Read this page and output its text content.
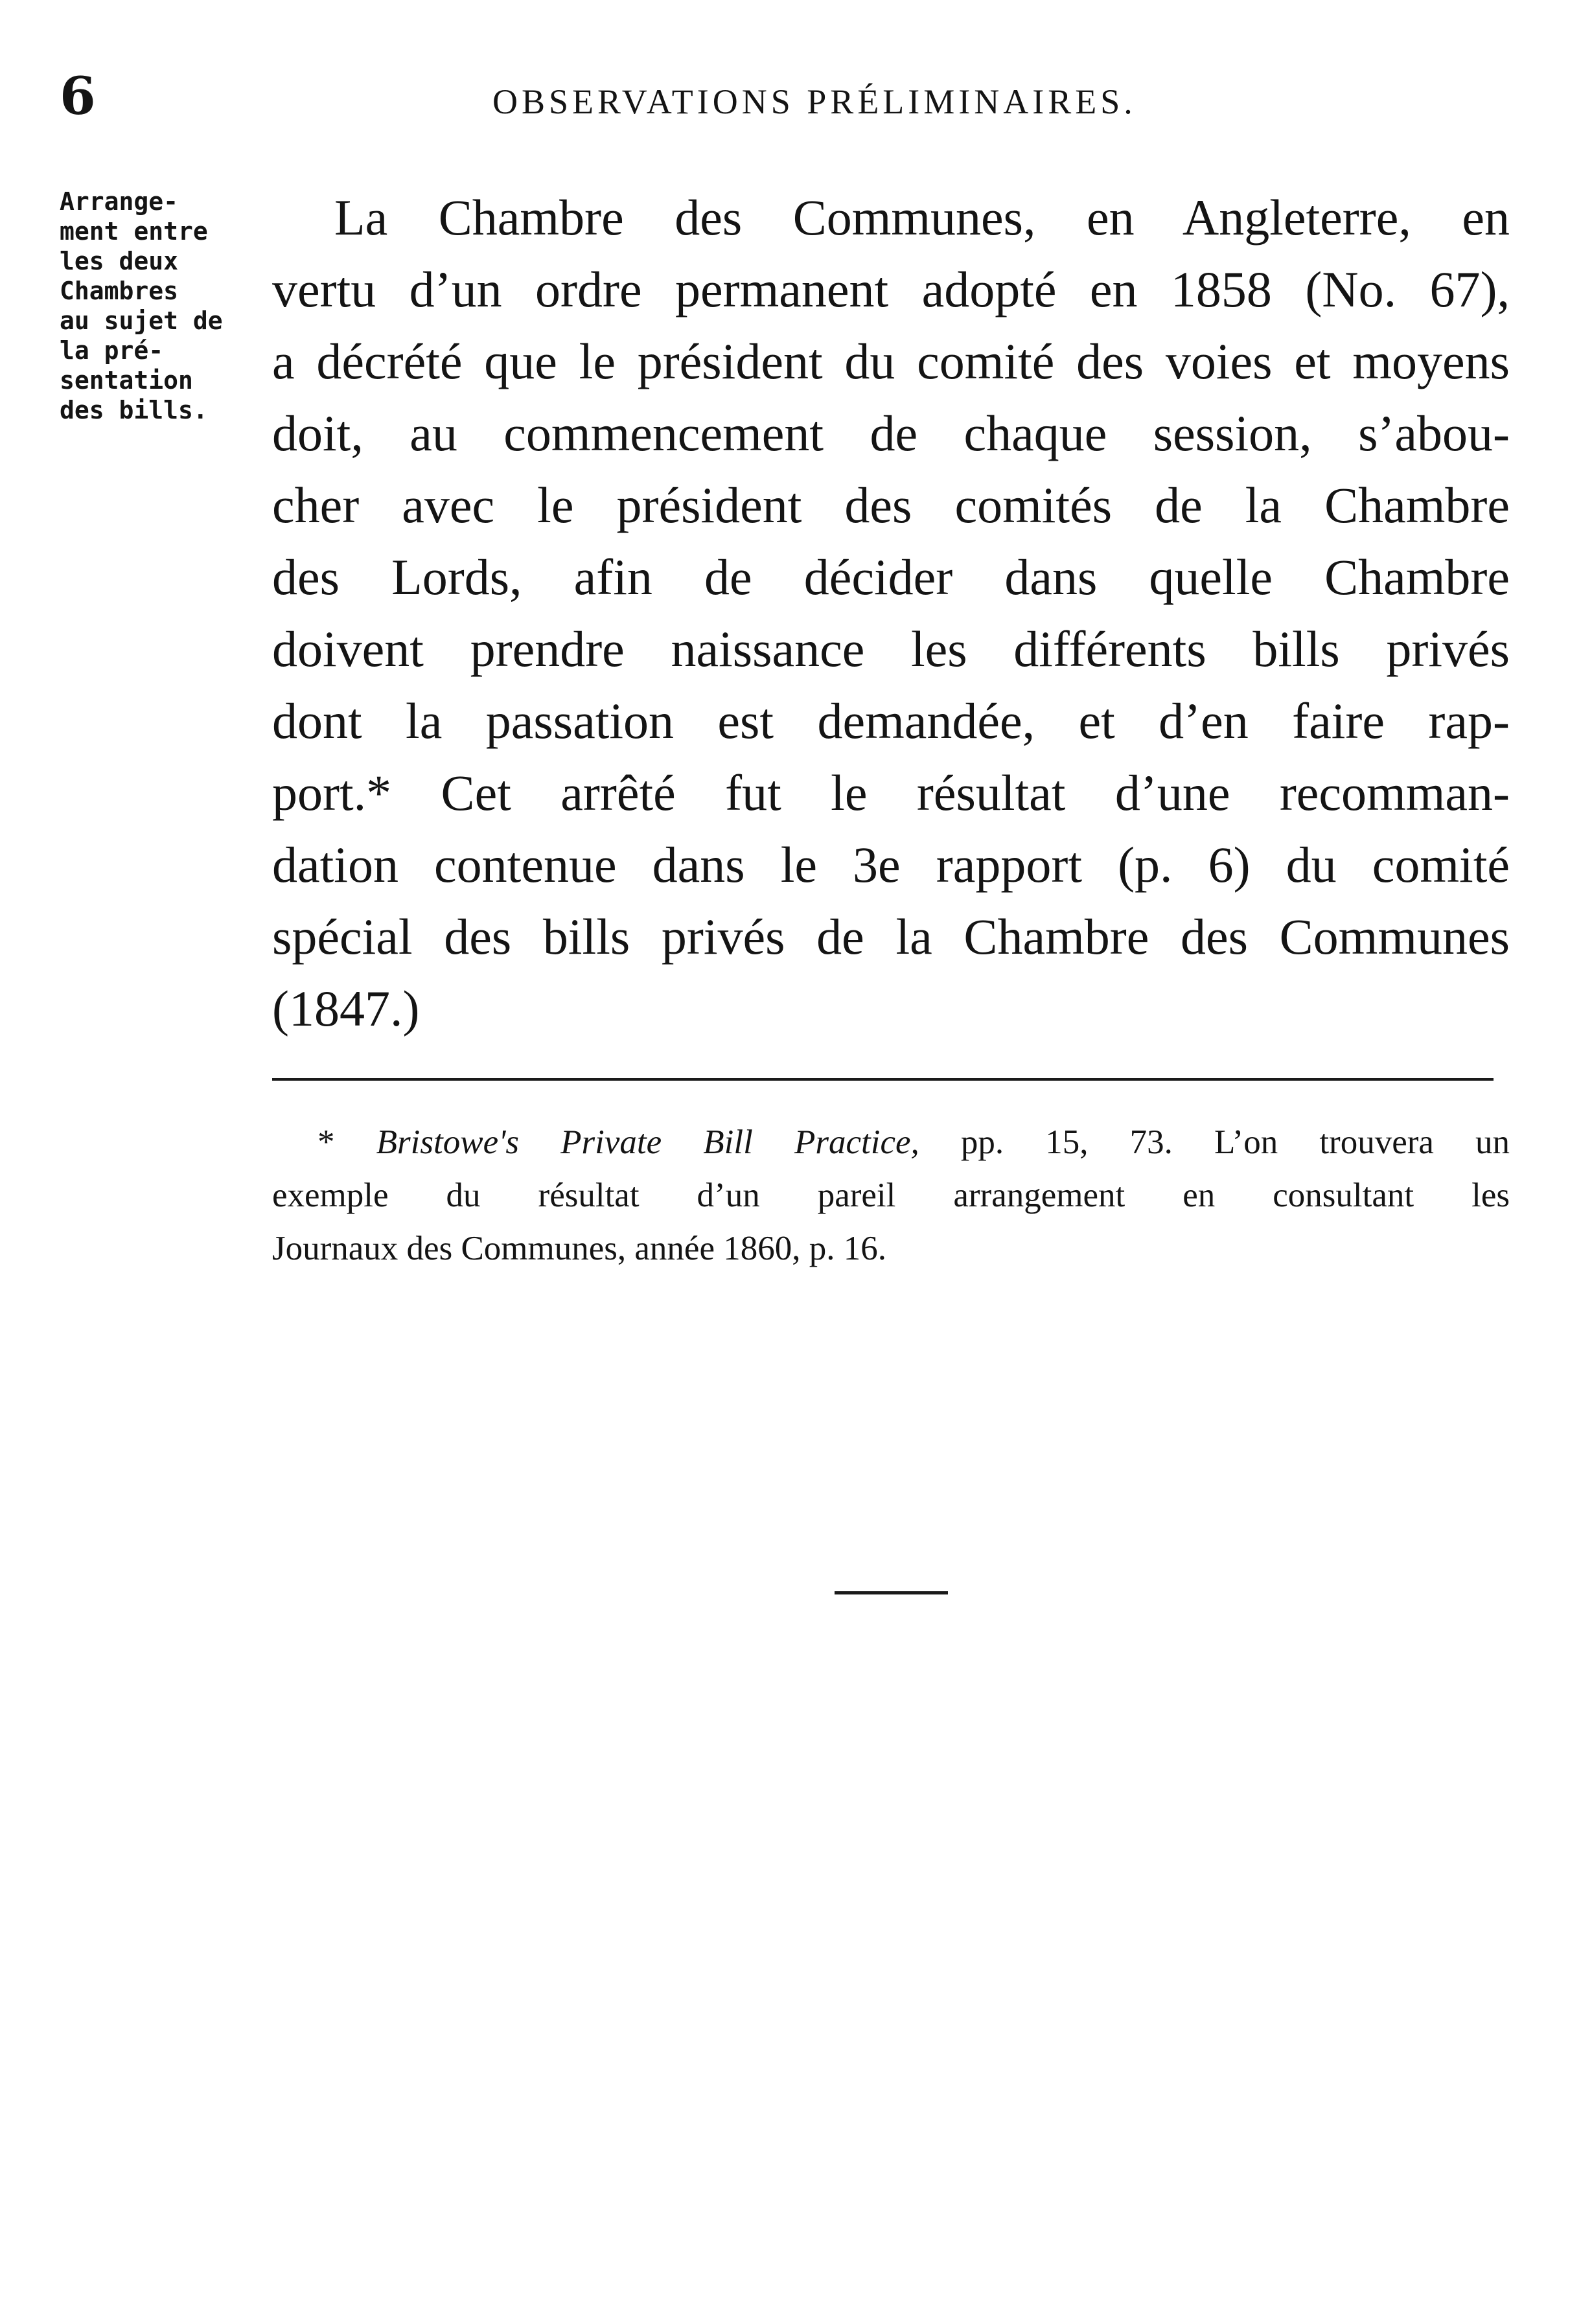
6	OBSERVATIONS PRÉLIMINAIRES.
Arrange-
ment entre
les deux
Chambres
au sujet de
la pré-
sentation
des bills.
La Chambre des Communes, en Angleterre, en
vertu d’un ordre permanent adopté en 1858 (No. 67),
a décrété que le président du comité des voies et moyens
doit, au commencement de chaque session, s’abou-
cher avec le président des comités de la Chambre
des Lords, afin de décider dans quelle Chambre
doivent prendre naissance les différents bills privés
dont la passation est demandée, et d’en faire rap-
port.* Cet arrêté fut le résultat d’une recomman-
dation contenue dans le 3e rapport (p. 6) du comité
spécial des bills privés de la Chambre des Communes
(1847.)
* Bristowe's Private Bill Practice, pp. 15, 73. L’on trouvera un
exemple du résultat d’un pareil arrangement en consultant les
Journaux des Communes, année 1860, p. 16.
